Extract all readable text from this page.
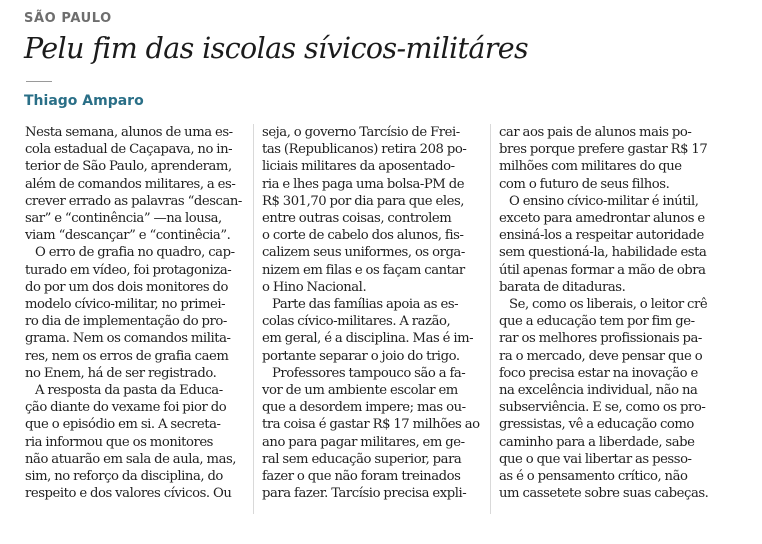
SÃO PAULO
Pelu fim das iscolas sívicos-militáres
Thiago Amparo
Nesta semana, alunos de uma es-
cola estadual de Caçapava, no in-
terior de São Paulo, aprenderam,
além de comandos militares, a es-
crever errado as palavras “descan-
sar” e “continência” —na lousa,
viam “descançar” e “continêcia”.
O erro de grafia no quadro, cap-
turado em vídeo, foi protagoniza-
do por um dos dois monitores do
modelo cívico-militar, no primei-
ro dia de implementação do pro-
grama. Nem os comandos milita-
res, nem os erros de grafia caem
no Enem, há de ser registrado.
A resposta da pasta da Educa-
ção diante do vexame foi pior do
que o episódio em si. A secreta-
ria informou que os monitores
não atuarão em sala de aula, mas,
sim, no reforço da disciplina, do
respeito e dos valores cívicos. Ou
seja, o governo Tarcísio de Frei-
tas (Republicanos) retira 208 po-
liciais militares da aposentado-
ria e lhes paga uma bolsa-PM de
R$ 301,70 por dia para que eles,
entre outras coisas, controlem
o corte de cabelo dos alunos, fis-
calizem seus uniformes, os orga-
nizem em filas e os façam cantar
o Hino Nacional.
Parte das famílias apoia as es-
colas cívico-militares. A razão,
em geral, é a disciplina. Mas é im-
portante separar o joio do trigo.
Professores tampouco são a fa-
vor de um ambiente escolar em
que a desordem impere; mas ou-
tra coisa é gastar R$ 17 milhões ao
ano para pagar militares, em ge-
ral sem educação superior, para
fazer o que não foram treinados
para fazer. Tarcísio precisa expli-
car aos pais de alunos mais po-
bres porque prefere gastar R$ 17
milhões com militares do que
com o futuro de seus filhos.
O ensino cívico-militar é inútil,
exceto para amedrontar alunos e
ensiná-los a respeitar autoridade
sem questioná-la, habilidade esta
útil apenas formar a mão de obra
barata de ditaduras.
Se, como os liberais, o leitor crê
que a educação tem por fim ge-
rar os melhores profissionais pa-
ra o mercado, deve pensar que o
foco precisa estar na inovação e
na excelência individual, não na
subserviência. E se, como os pro-
gressistas, vê a educação como
caminho para a liberdade, sabe
que o que vai libertar as pesso-
as é o pensamento crítico, não
um cassetete sobre suas cabeças.
